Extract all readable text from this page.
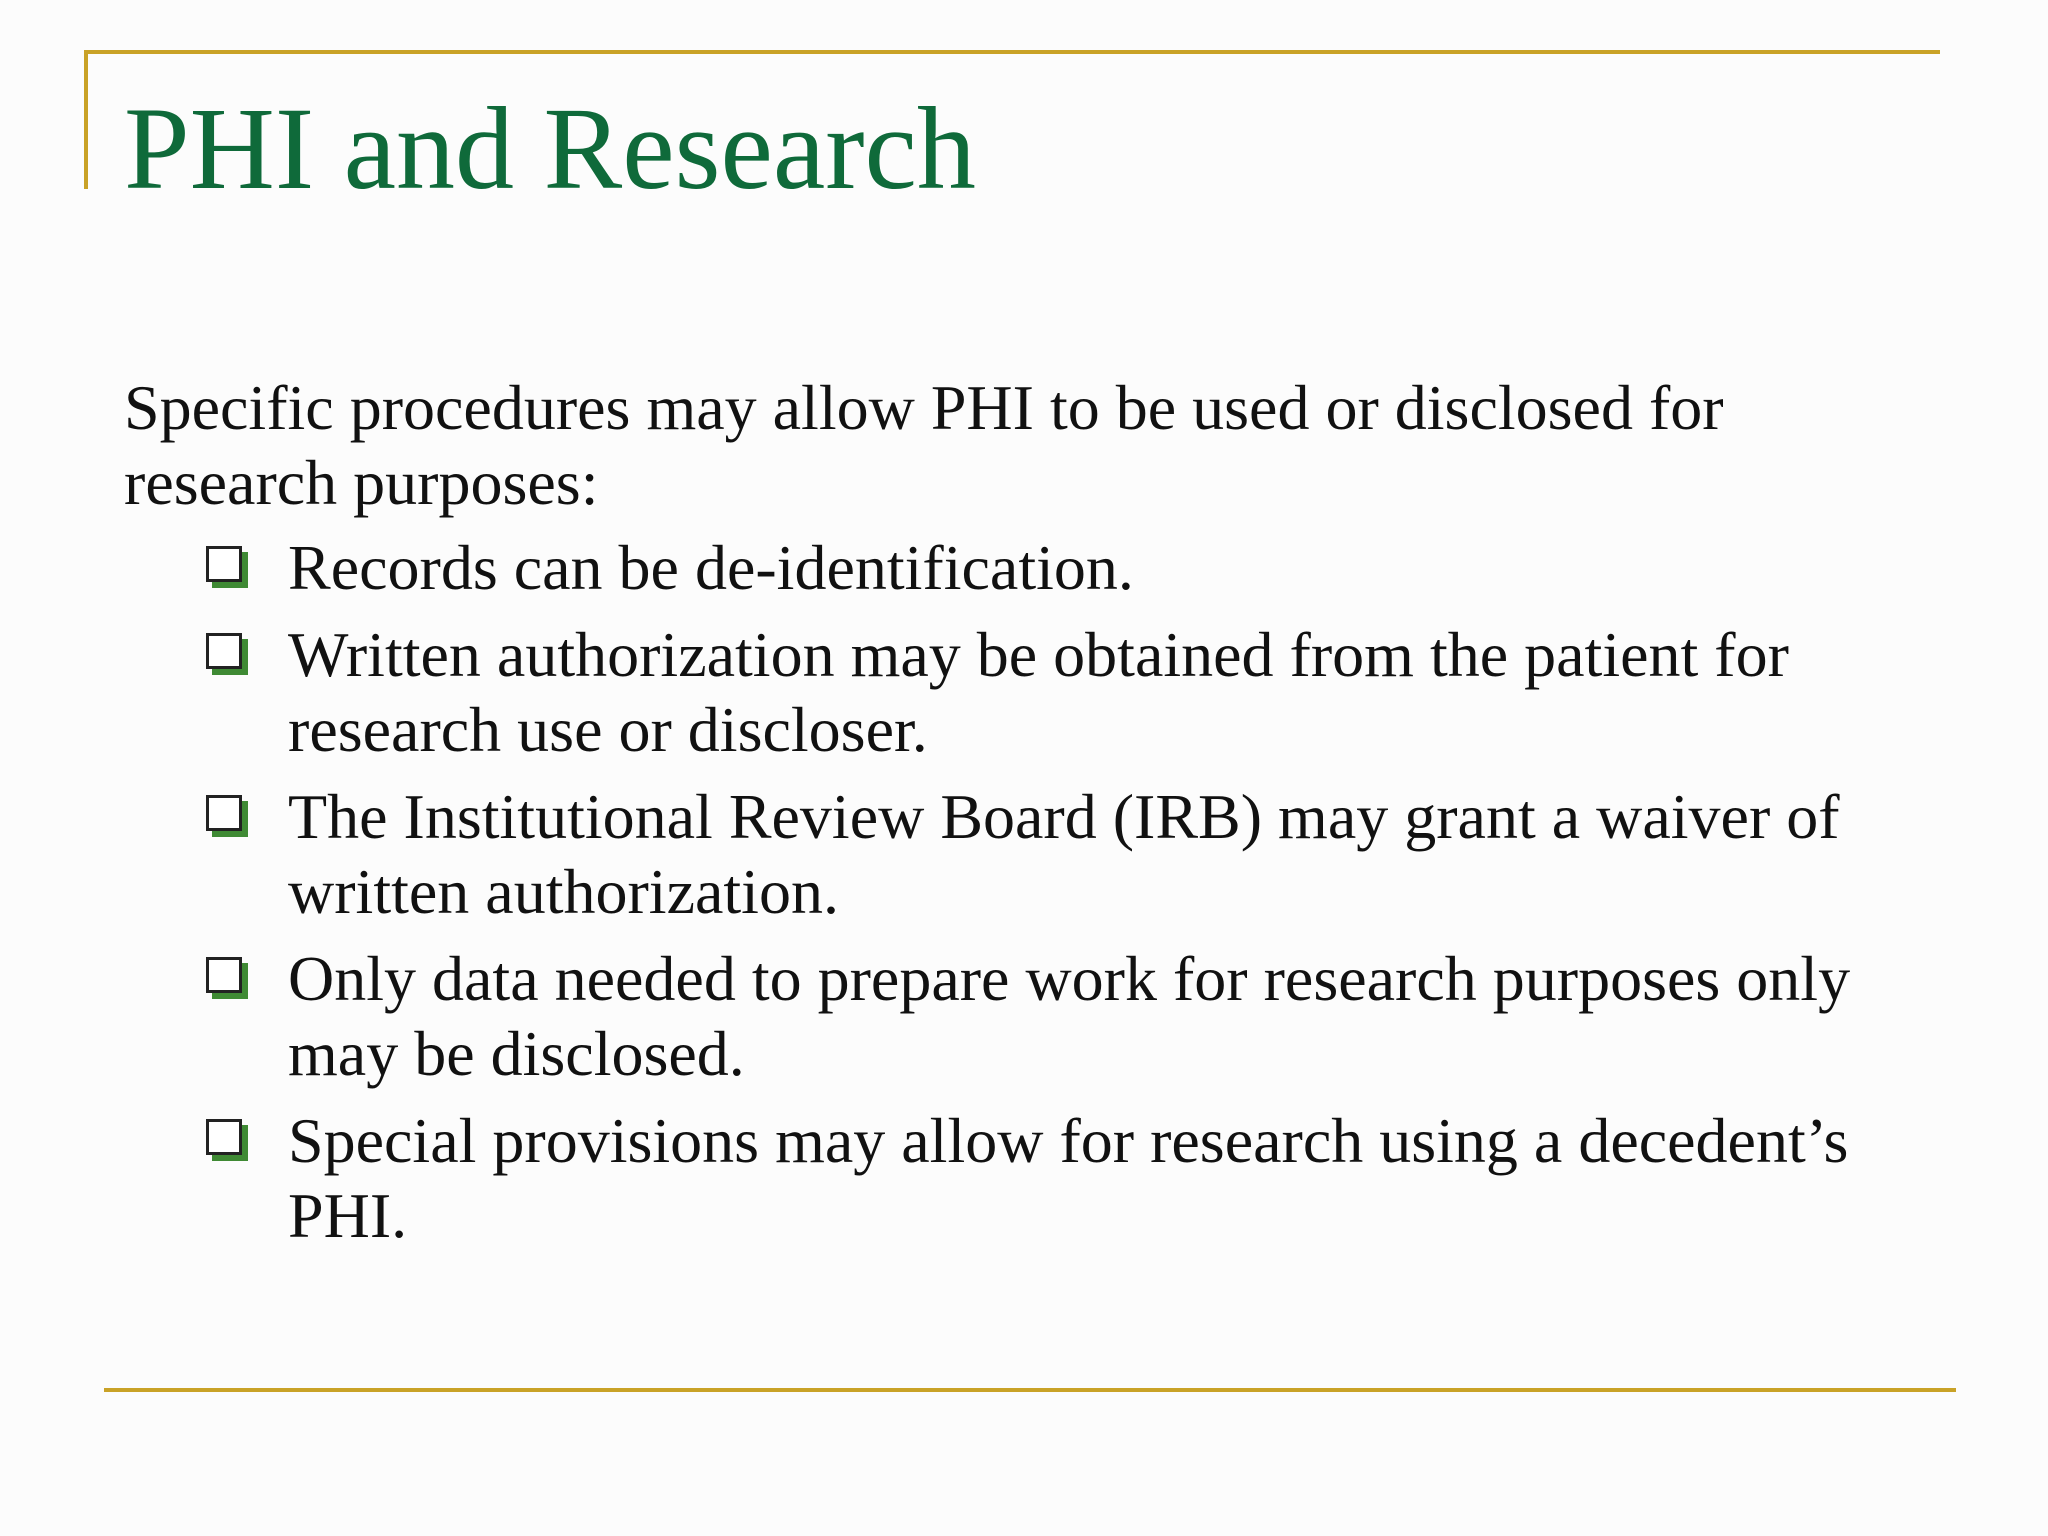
PHI and Research

Specific procedures may allow PHI to be used or disclosed for research purposes:

Records can be de-identification.
Written authorization may be obtained from the patient for research use or discloser.
The Institutional Review Board (IRB) may grant a waiver of written authorization.
Only data needed to prepare work for research purposes only may be disclosed.
Special provisions may allow for research using a decedent’s PHI.
